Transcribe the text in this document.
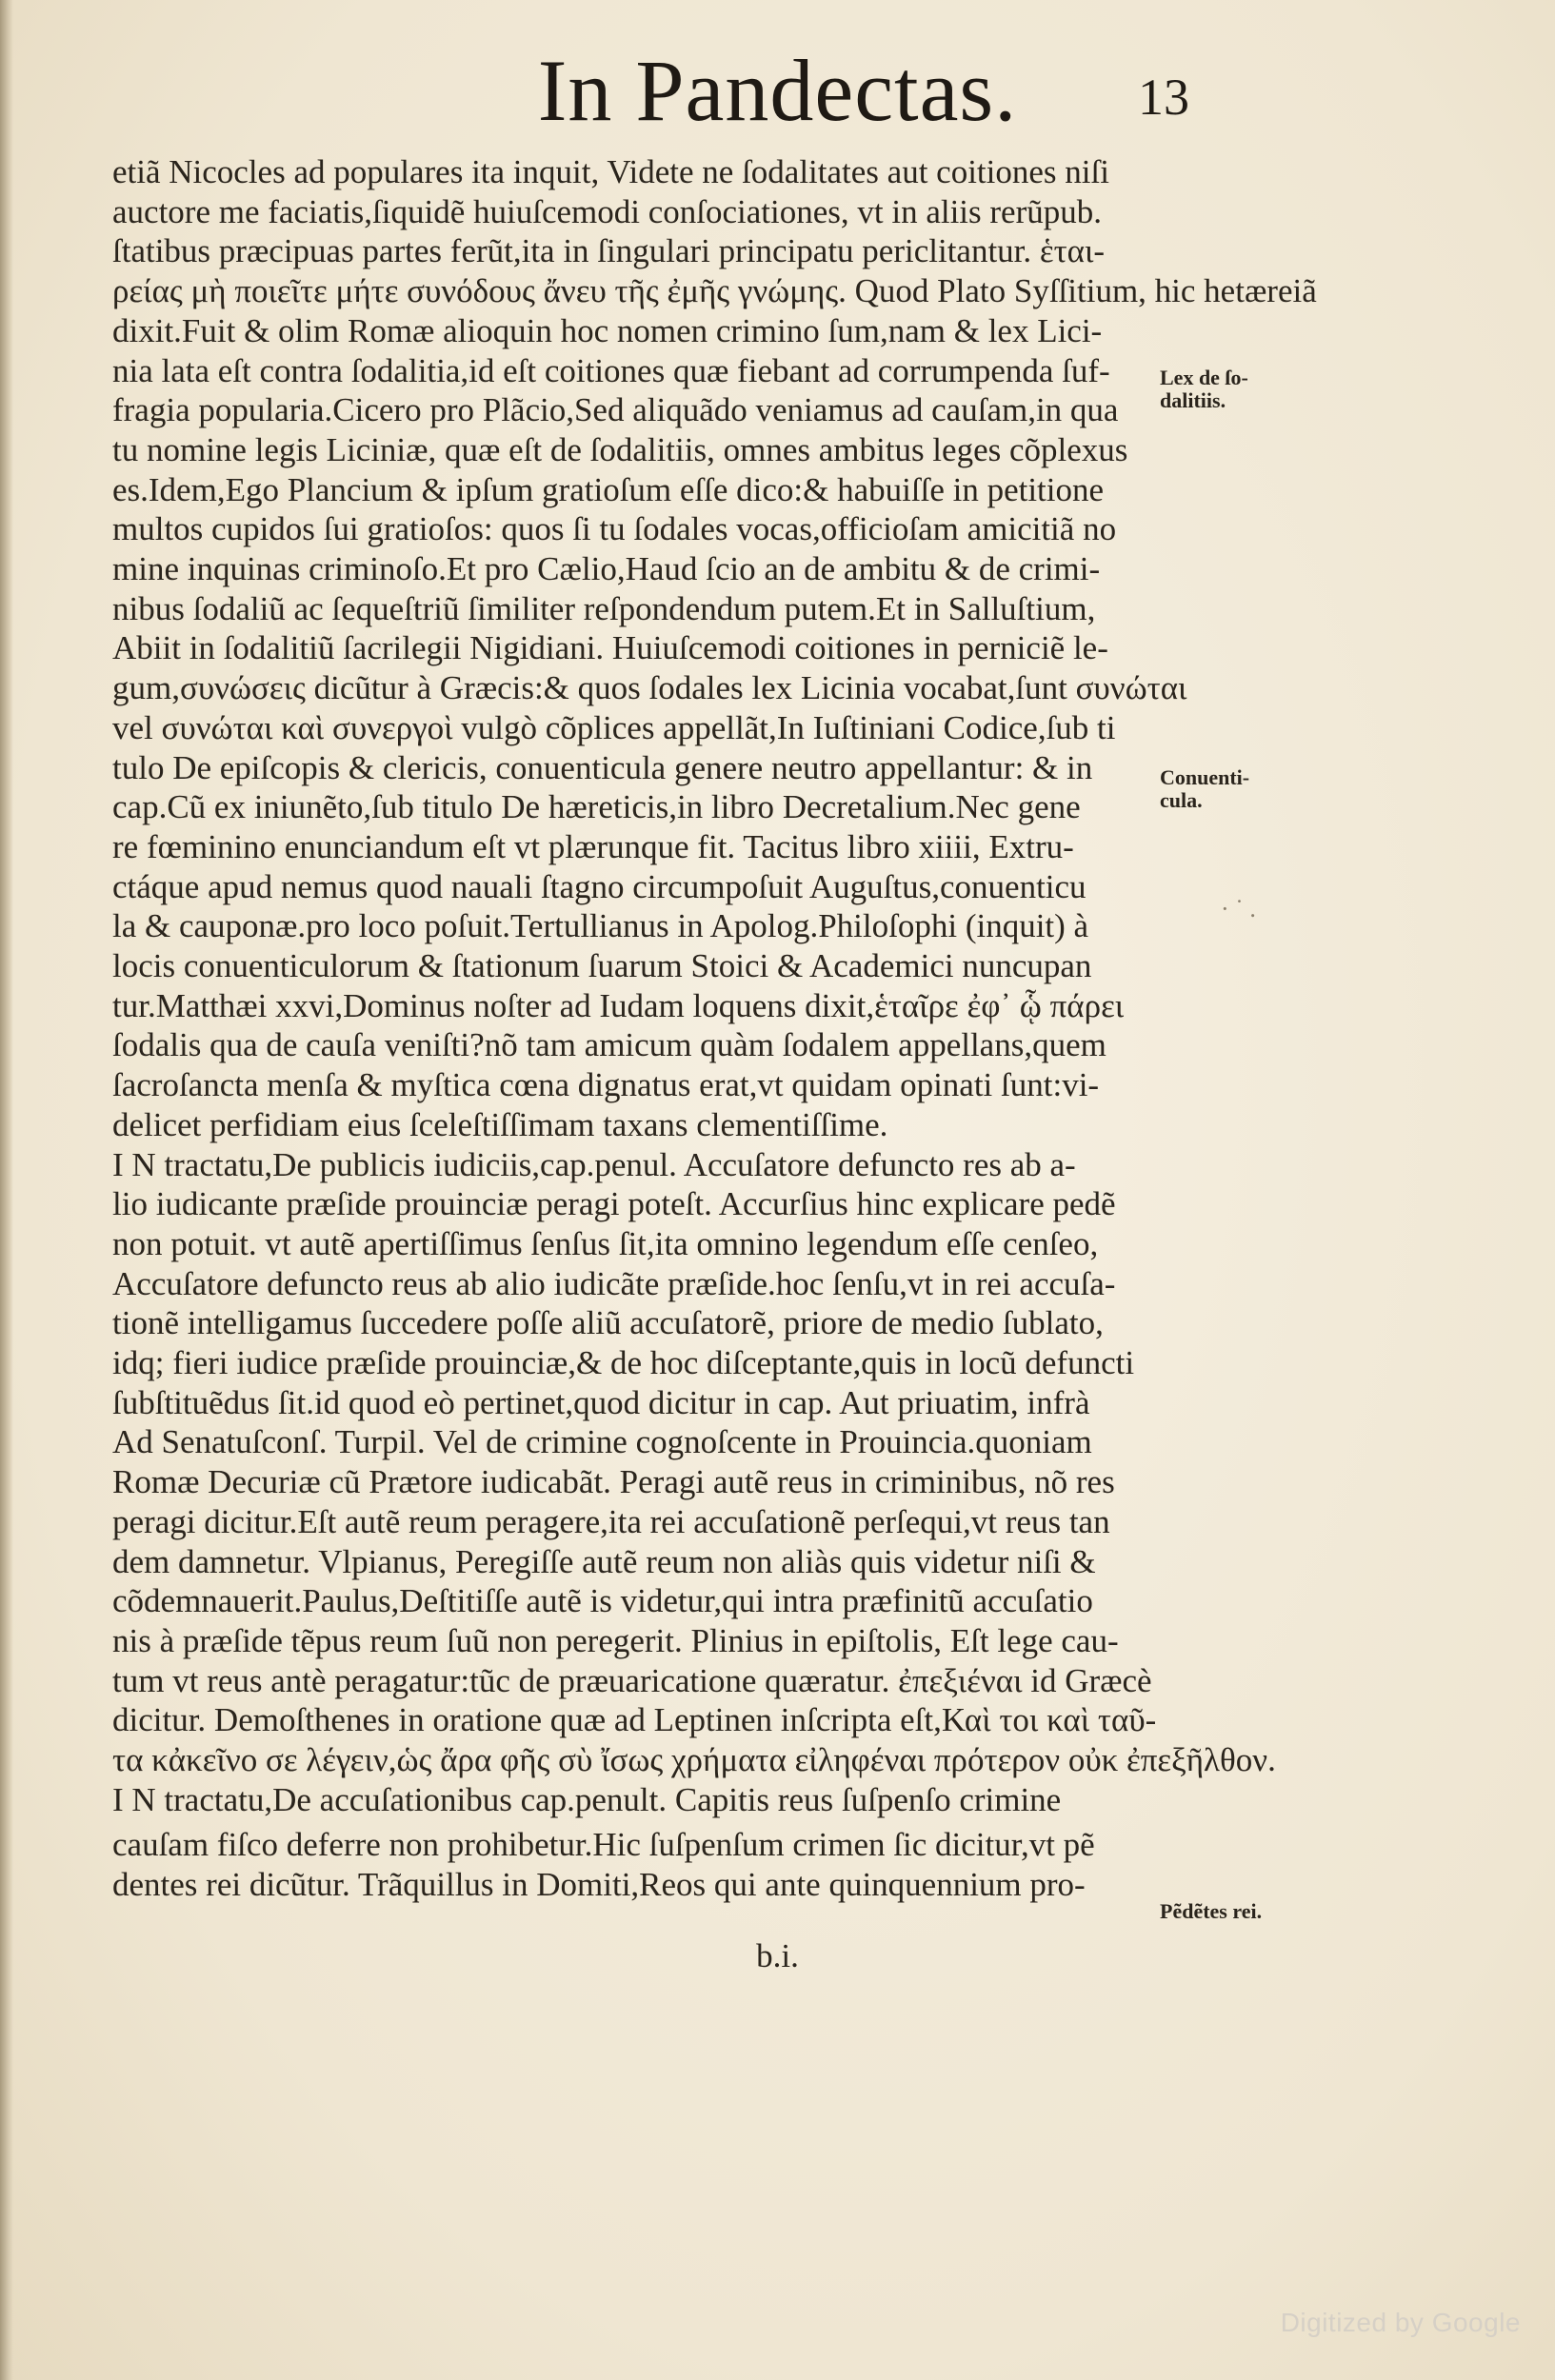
In Pandectas.	13
etiã Nicocles ad populares ita inquit, Videte ne ſodalitates aut coitiones niſi
auctore me faciatis,ſiquidẽ huiuſcemodi conſociationes, vt in aliis rerũpub.
ſtatibus præcipuas partes ferũt,ita in ſingulari principatu periclitantur. ἑται-
ρείας μὴ ποιεῖτε μήτε συνόδους ἄνευ τῆς ἐμῆς γνώμης. Quod Plato Syſſitium, hic hetæreiã
dixit.Fuit & olim Romæ alioquin hoc nomen crimino ſum,nam & lex Lici-
nia lata eſt contra ſodalitia,id eſt coitiones quæ fiebant ad corrumpenda ſuf-
fragia popularia.Cicero pro Plãcio,Sed aliquãdo veniamus ad cauſam,in qua
tu nomine legis Liciniæ, quæ eſt de ſodalitiis, omnes ambitus leges cõplexus
es.Idem,Ego Plancium & ipſum gratioſum eſſe dico:& habuiſſe in petitione
multos cupidos ſui gratioſos: quos ſi tu ſodales vocas,officioſam amicitiã no
mine inquinas criminoſo.Et pro Cælio,Haud ſcio an de ambitu & de crimi-
nibus ſodaliũ ac ſequeſtriũ ſimiliter reſpondendum putem.Et in Salluſtium,
Abiit in ſodalitiũ ſacrilegii Nigidiani. Huiuſcemodi coitiones in perniciẽ le-
gum,συνώσεις dicũtur à Græcis:& quos ſodales lex Licinia vocabat,ſunt συνώται
vel συνώται καὶ συνεργοὶ vulgò cõplices appellãt,In Iuſtiniani Codice,ſub ti
tulo De epiſcopis & clericis, conuenticula genere neutro appellantur: & in
cap.Cũ ex iniunẽto,ſub titulo De hæreticis,in libro Decretalium.Nec gene
re fœminino enunciandum eſt vt plærunque fit. Tacitus libro xiiii, Extru-
ctáque apud nemus quod nauali ſtagno circumpoſuit Auguſtus,conuenticu
la & cauponæ.pro loco poſuit.Tertullianus in Apolog.Philoſophi (inquit) à
locis conuenticulorum & ſtationum ſuarum Stoici & Academici nuncupan
tur.Matthæi xxvi,Dominus noſter ad Iudam loquens dixit,ἑταῖρε ἐφ᾽ ᾧ πάρει
ſodalis qua de cauſa veniſti?nõ tam amicum quàm ſodalem appellans,quem
ſacroſancta menſa & myſtica cœna dignatus erat,vt quidam opinati ſunt:vi-
delicet perfidiam eius ſceleſtiſſimam taxans clementiſſime.
I N tractatu,De publicis iudiciis,cap.penul. Accuſatore defuncto res ab a-
lio iudicante præſide prouinciæ peragi poteſt. Accurſius hinc explicare pedẽ
non potuit. vt autẽ apertiſſimus ſenſus ſit,ita omnino legendum eſſe cenſeo,
Accuſatore defuncto reus ab alio iudicãte præſide.hoc ſenſu,vt in rei accuſa-
tionẽ intelligamus ſuccedere poſſe aliũ accuſatorẽ, priore de medio ſublato,
idq; fieri iudice præſide prouinciæ,& de hoc diſceptante,quis in locũ defuncti
ſubſtituẽdus ſit.id quod eò pertinet,quod dicitur in cap. Aut priuatim, infrà
Ad Senatuſconſ. Turpil. Vel de crimine cognoſcente in Prouincia.quoniam
Romæ Decuriæ cũ Prætore iudicabãt. Peragi autẽ reus in criminibus, nõ res
peragi dicitur.Eſt autẽ reum peragere,ita rei accuſationẽ perſequi,vt reus tan
dem damnetur. Vlpianus, Peregiſſe autẽ reum non aliàs quis videtur niſi &
cõdemnauerit.Paulus,Deſtitiſſe autẽ is videtur,qui intra præfinitũ accuſatio
nis à præſide tẽpus reum ſuũ non peregerit. Plinius in epiſtolis, Eſt lege cau-
tum vt reus antè peragatur:tũc de præuaricatione quæratur. ἐπεξιέναι id Græcè
dicitur. Demoſthenes in oratione quæ ad Leptinen inſcripta eſt,Καὶ τοι καὶ ταῦ-
τα κἀκεῖνο σε λέγειν,ὡς ἄρα φῆς σὺ ἴσως χρήματα εἰληφέναι πρότερον οὐκ ἐπεξῆλθον.
I N tractatu,De accuſationibus cap.penult. Capitis reus ſuſpenſo crimine
cauſam fiſco deferre non prohibetur.Hic ſuſpenſum crimen ſic dicitur,vt pẽ
dentes rei dicũtur. Trãquillus in Domiti,Reos qui ante quinquennium pro-
Lex de ſo-
dalitiis.
Conuenti-
cula.
Pẽdẽtes rei.
· ˙ .
b.i.
Digitized by Google
